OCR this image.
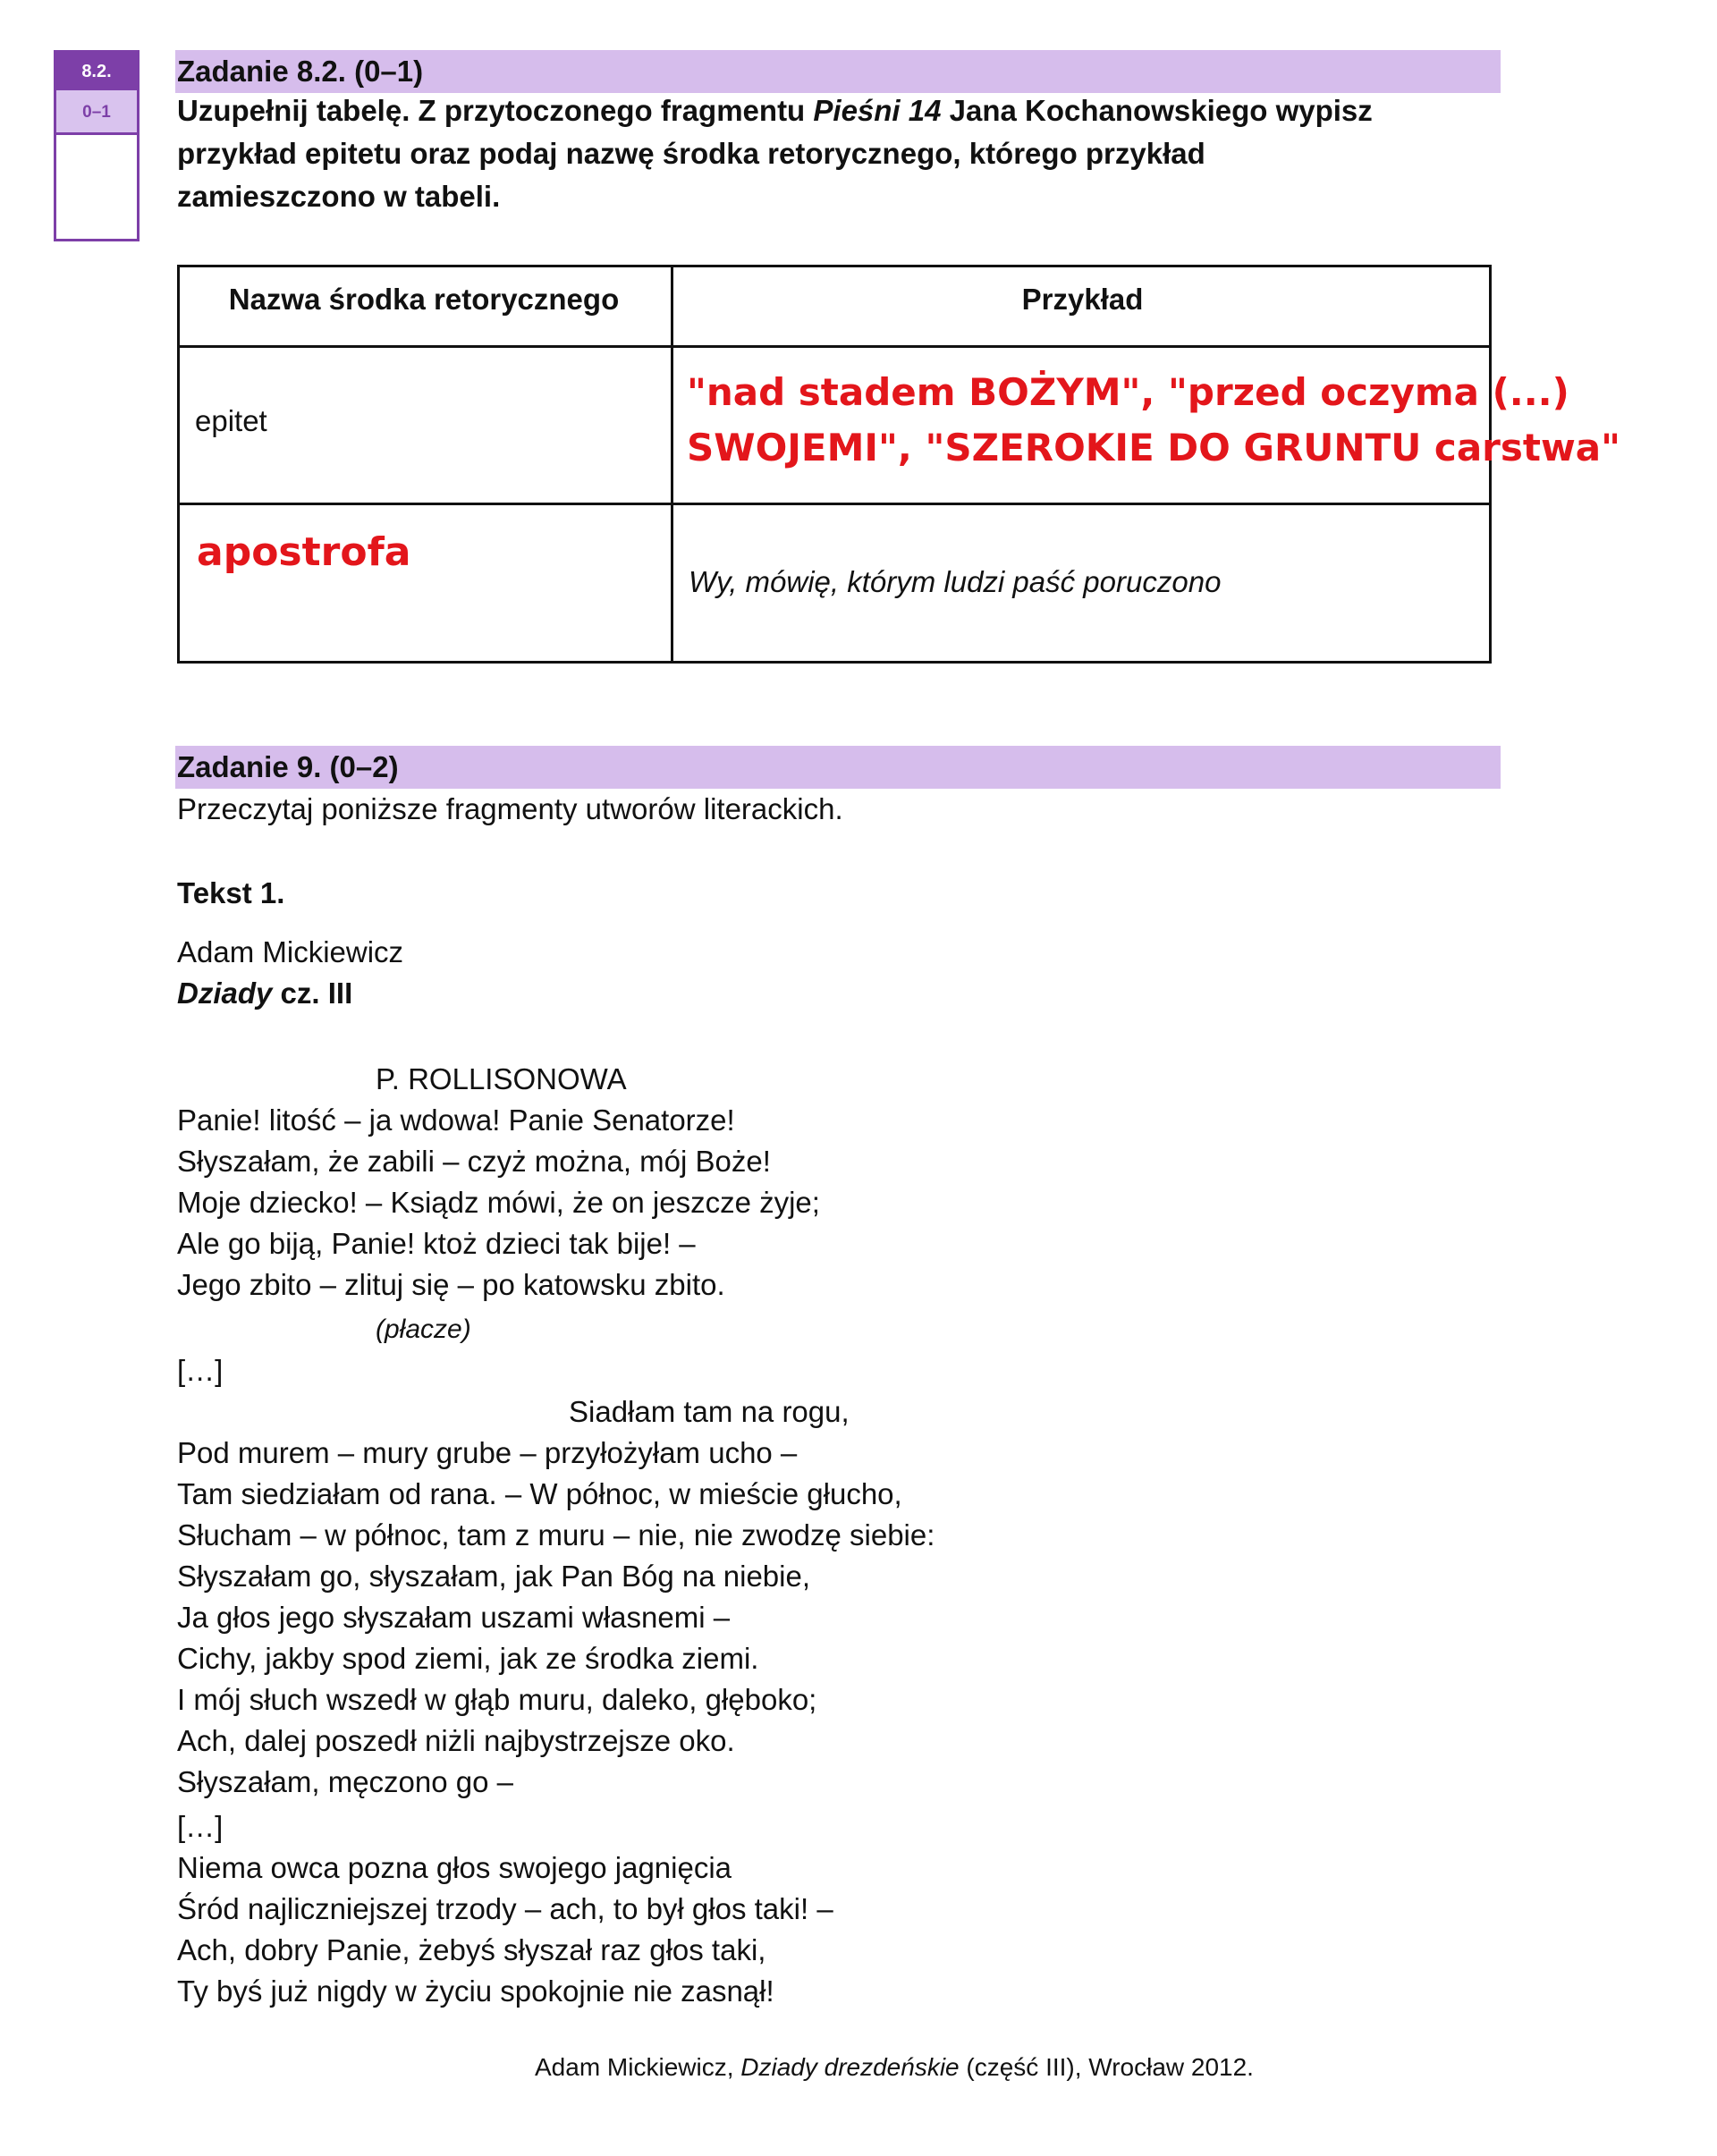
8.2.
0–1
Zadanie 8.2. (0–1)
Uzupełnij tabelę. Z przytoczonego fragmentu Pieśni 14 Jana Kochanowskiego wypisz
przykład epitetu oraz podaj nazwę środka retorycznego, którego przykład
zamieszczono w tabeli.
Nazwa środka retorycznego	Przykład
epitet
"nad stadem BOŻYM", "przed oczyma (...)
SWOJEMI", "SZEROKIE DO GRUNTU carstwa"
apostrofa
Wy, mówię, którym ludzi paść poruczono
Zadanie 9. (0–2)
Przeczytaj poniższe fragmenty utworów literackich.
Tekst 1.
Adam Mickiewicz
Dziady cz. III
P. ROLLISONOWA
Panie! litość – ja wdowa! Panie Senatorze!
Słyszałam, że zabili – czyż można, mój Boże!
Moje dziecko! – Ksiądz mówi, że on jeszcze żyje;
Ale go biją, Panie! ktoż dzieci tak bije! –
Jego zbito – zlituj się – po katowsku zbito.
(płacze)
[…]
Siadłam tam na rogu,
Pod murem – mury grube – przyłożyłam ucho –
Tam siedziałam od rana. – W północ, w mieście głucho,
Słucham – w północ, tam z muru – nie, nie zwodzę siebie:
Słyszałam go, słyszałam, jak Pan Bóg na niebie,
Ja głos jego słyszałam uszami własnemi –
Cichy, jakby spod ziemi, jak ze środka ziemi.
I mój słuch wszedł w głąb muru, daleko, głęboko;
Ach, dalej poszedł niżli najbystrzejsze oko.
Słyszałam, męczono go –
[…]
Niema owca pozna głos swojego jagnięcia
Śród najliczniejszej trzody – ach, to był głos taki! –
Ach, dobry Panie, żebyś słyszał raz głos taki,
Ty byś już nigdy w życiu spokojnie nie zasnął!
Adam Mickiewicz, Dziady drezdeńskie (część III), Wrocław 2012.
